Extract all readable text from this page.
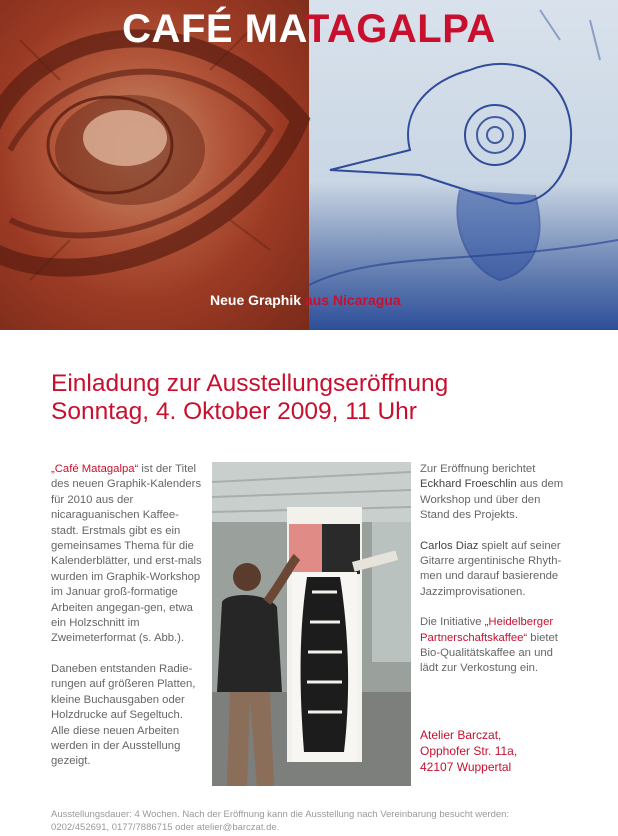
CAFÉ MATAGALPA
Neue Graphik aus Nicaragua
Einladung zur Ausstellungseröffnung
Sonntag, 4. Oktober 2009, 11 Uhr

„Café Matagalpa“ ist der Titel des neuen Graphik-Kalenders für 2010 aus der nicaraguanischen Kaffee-stadt. Erstmals gibt es ein gemeinsames Thema für die Kalenderblätter, und erst-mals wurden im Graphik-Workshop im Januar groß-formatige Arbeiten angegan-gen, etwa ein Holzschnitt im Zweimeterformat (s. Abb.).

Daneben entstanden Radie-rungen auf größeren Platten, kleine Buchausgaben oder Holzdrucke auf Segeltuch. Alle diese neuen Arbeiten werden in der Ausstellung gezeigt.

Zur Eröffnung berichtet Eckhard Froeschlin aus dem Workshop und über den Stand des Projekts.

Carlos Diaz spielt auf seiner Gitarre argentinische Rhyth-men und darauf basierende Jazzimprovisationen.

Die Initiative „Heidelberger Partnerschaftskaffee“ bietet Bio-Qualitätskaffee an und lädt zur Verkostung ein.

Atelier Barczat,
Opphofer Str. 11a,
42107 Wuppertal
Ausstellungsdauer: 4 Wochen. Nach der Eröffnung kann die Ausstellung nach Vereinbarung besucht werden:
0202/452691, 0177/7886715 oder atelier@barczat.de.
